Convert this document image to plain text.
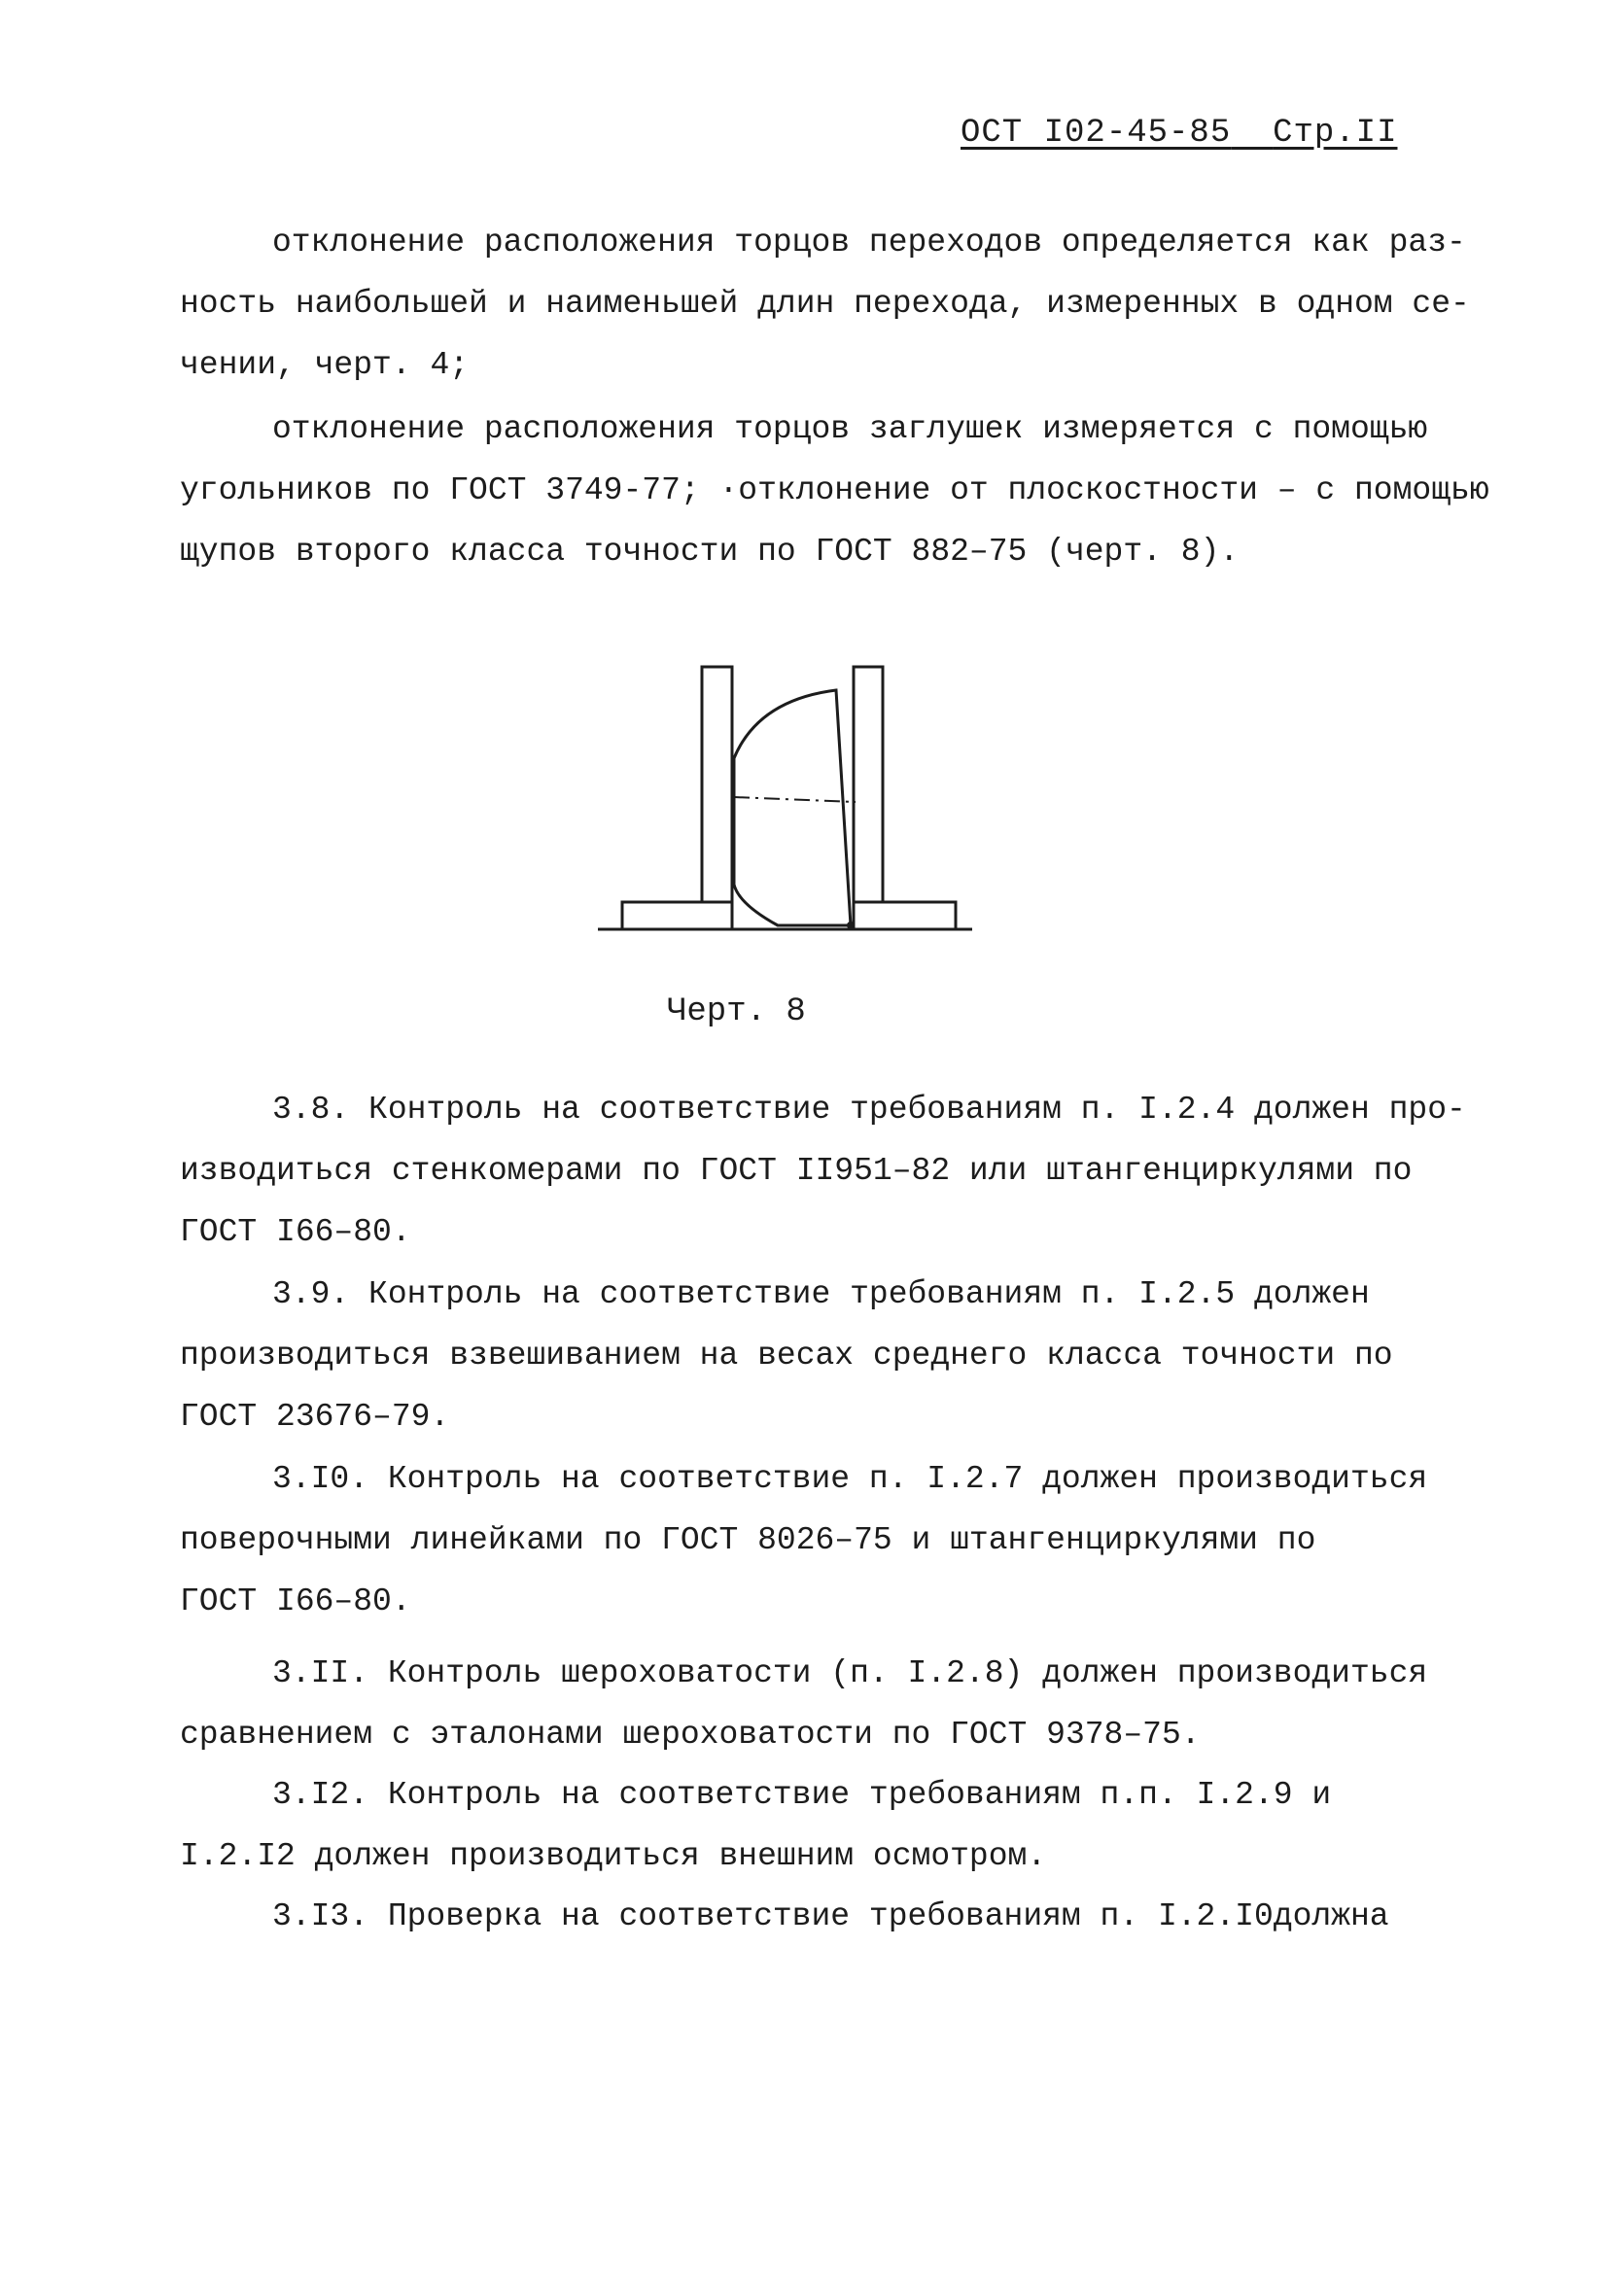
ОСТ I02-45-85 Стр.II

отклонение расположения торцов переходов определяется как раз-
ность наибольшей и наименьшей длин перехода, измеренных в одном се-
чении, черт. 4;

отклонение расположения торцов заглушек измеряется с помощью
угольников по ГОСТ 3749-77; ·отклонение от плоскостности – с помощью
щупов второго класса точности по ГОСТ 882–75 (черт. 8).

Черт. 8

3.8. Контроль на соответствие требованиям п. I.2.4 должен про-
изводиться стенкомерами по ГОСТ II951–82 или штангенциркулями по
ГОСТ I66–80.

3.9. Контроль на соответствие требованиям п. I.2.5 должен
производиться взвешиванием на весах среднего класса точности по
ГОСТ 23676–79.

3.I0. Контроль на соответствие п. I.2.7 должен производиться
поверочными линейками по ГОСТ 8026–75 и штангенциркулями по
ГОСТ I66–80.

3.II. Контроль шероховатости (п. I.2.8) должен производиться
сравнением с эталонами шероховатости по ГОСТ 9378–75.

3.I2. Контроль на соответствие требованиям п.п. I.2.9 и
I.2.I2 должен производиться внешним осмотром.

3.I3. Проверка на соответствие требованиям п. I.2.I0должна
